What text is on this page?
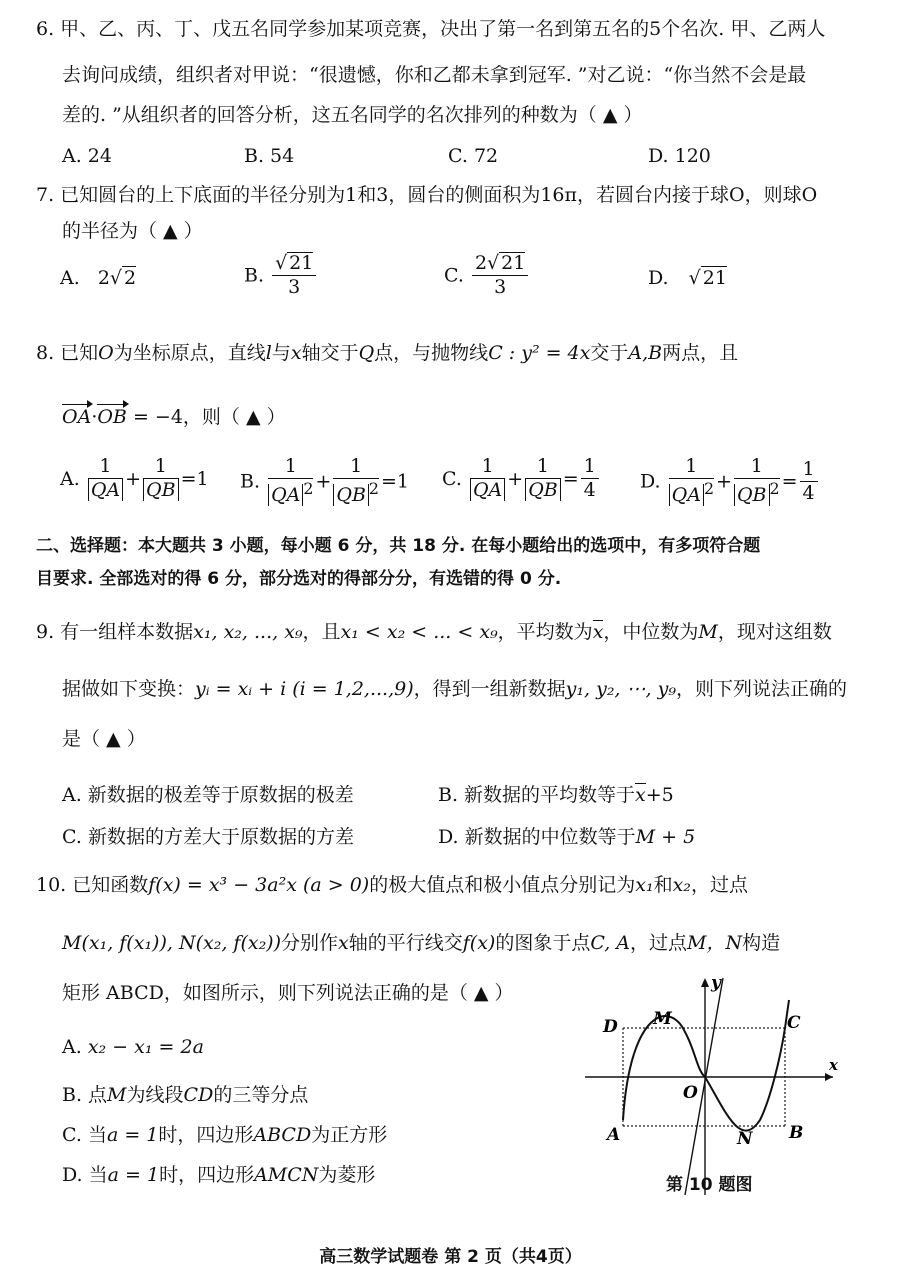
6. 甲、乙、丙、丁、戊五名同学参加某项竞赛，决出了第一名到第五名的5个名次. 甲、乙两人
去询问成绩，组织者对甲说：“很遗憾，你和乙都未拿到冠军. ”对乙说：“你当然不会是最
差的. ”从组织者的回答分析，这五名同学的名次排列的种数为（ ▲ ）
A. 24	B. 54	C. 72	D. 120
7. 已知圆台的上下底面的半径分别为1和3，圆台的侧面积为16π，若圆台内接于球O，则球O
的半径为（ ▲ ）
A. 2√ 2	B. $\frac{√ 21}{3}$	C. $\frac{2√ 21}{3}$	D. √ 21
8. 已知O为坐标原点，直线l与x轴交于Q点，与抛物线C : y² = 4x交于A,B两点，且
OA·OB = −4，则（ ▲ ）
A. $\frac{1}{QA} + \frac{1}{QB} =1$ B. $\frac{1}{QA ^2} + \frac{1}{QB ^2} =1$ C. $\frac{1}{QA} + \frac{1}{QB} = \frac{1}{4} D$. $\frac{1}{QA ^2} + \frac{1}{QB ^2} = \frac{1}{4}$
二、选择题：本大题共 3 小题，每小题 6 分，共 18 分. 在每小题给出的选项中，有多项符合题
目要求. 全部选对的得 6 分，部分选对的得部分分，有选错的得 0 分.
9. 有一组样本数据x₁, x₂, ..., x₉，且x₁ < x₂ < ... < x₉，平均数为x，中位数为M，现对这组数
据做如下变换：yᵢ = xᵢ + i (i = 1,2,...,9)，得到一组新数据y₁, y₂, ⋯, y₉，则下列说法正确的
是（ ▲ ）
A. 新数据的极差等于原数据的极差	B. 新数据的平均数等于x+5
C. 新数据的方差大于原数据的方差	D. 新数据的中位数等于M + 5
10. 已知函数f(x) = x³ − 3a²x (a > 0)的极大值点和极小值点分别记为x₁和x₂，过点
M(x₁, f(x₁)), N(x₂, f(x₂))分别作x轴的平行线交f(x)的图象于点C, A，过点M，N构造
矩形 ABCD，如图所示，则下列说法正确的是（ ▲ ）
A. x₂ − x₁ = 2a
B. 点M为线段CD的三等分点
C. 当a = 1时，四边形ABCD为正方形
D. 当a = 1时，四边形AMCN为菱形
y
x
D M	C
O
A	N B
第 10 题图
高三数学试题卷 第 2 页（共4页）
